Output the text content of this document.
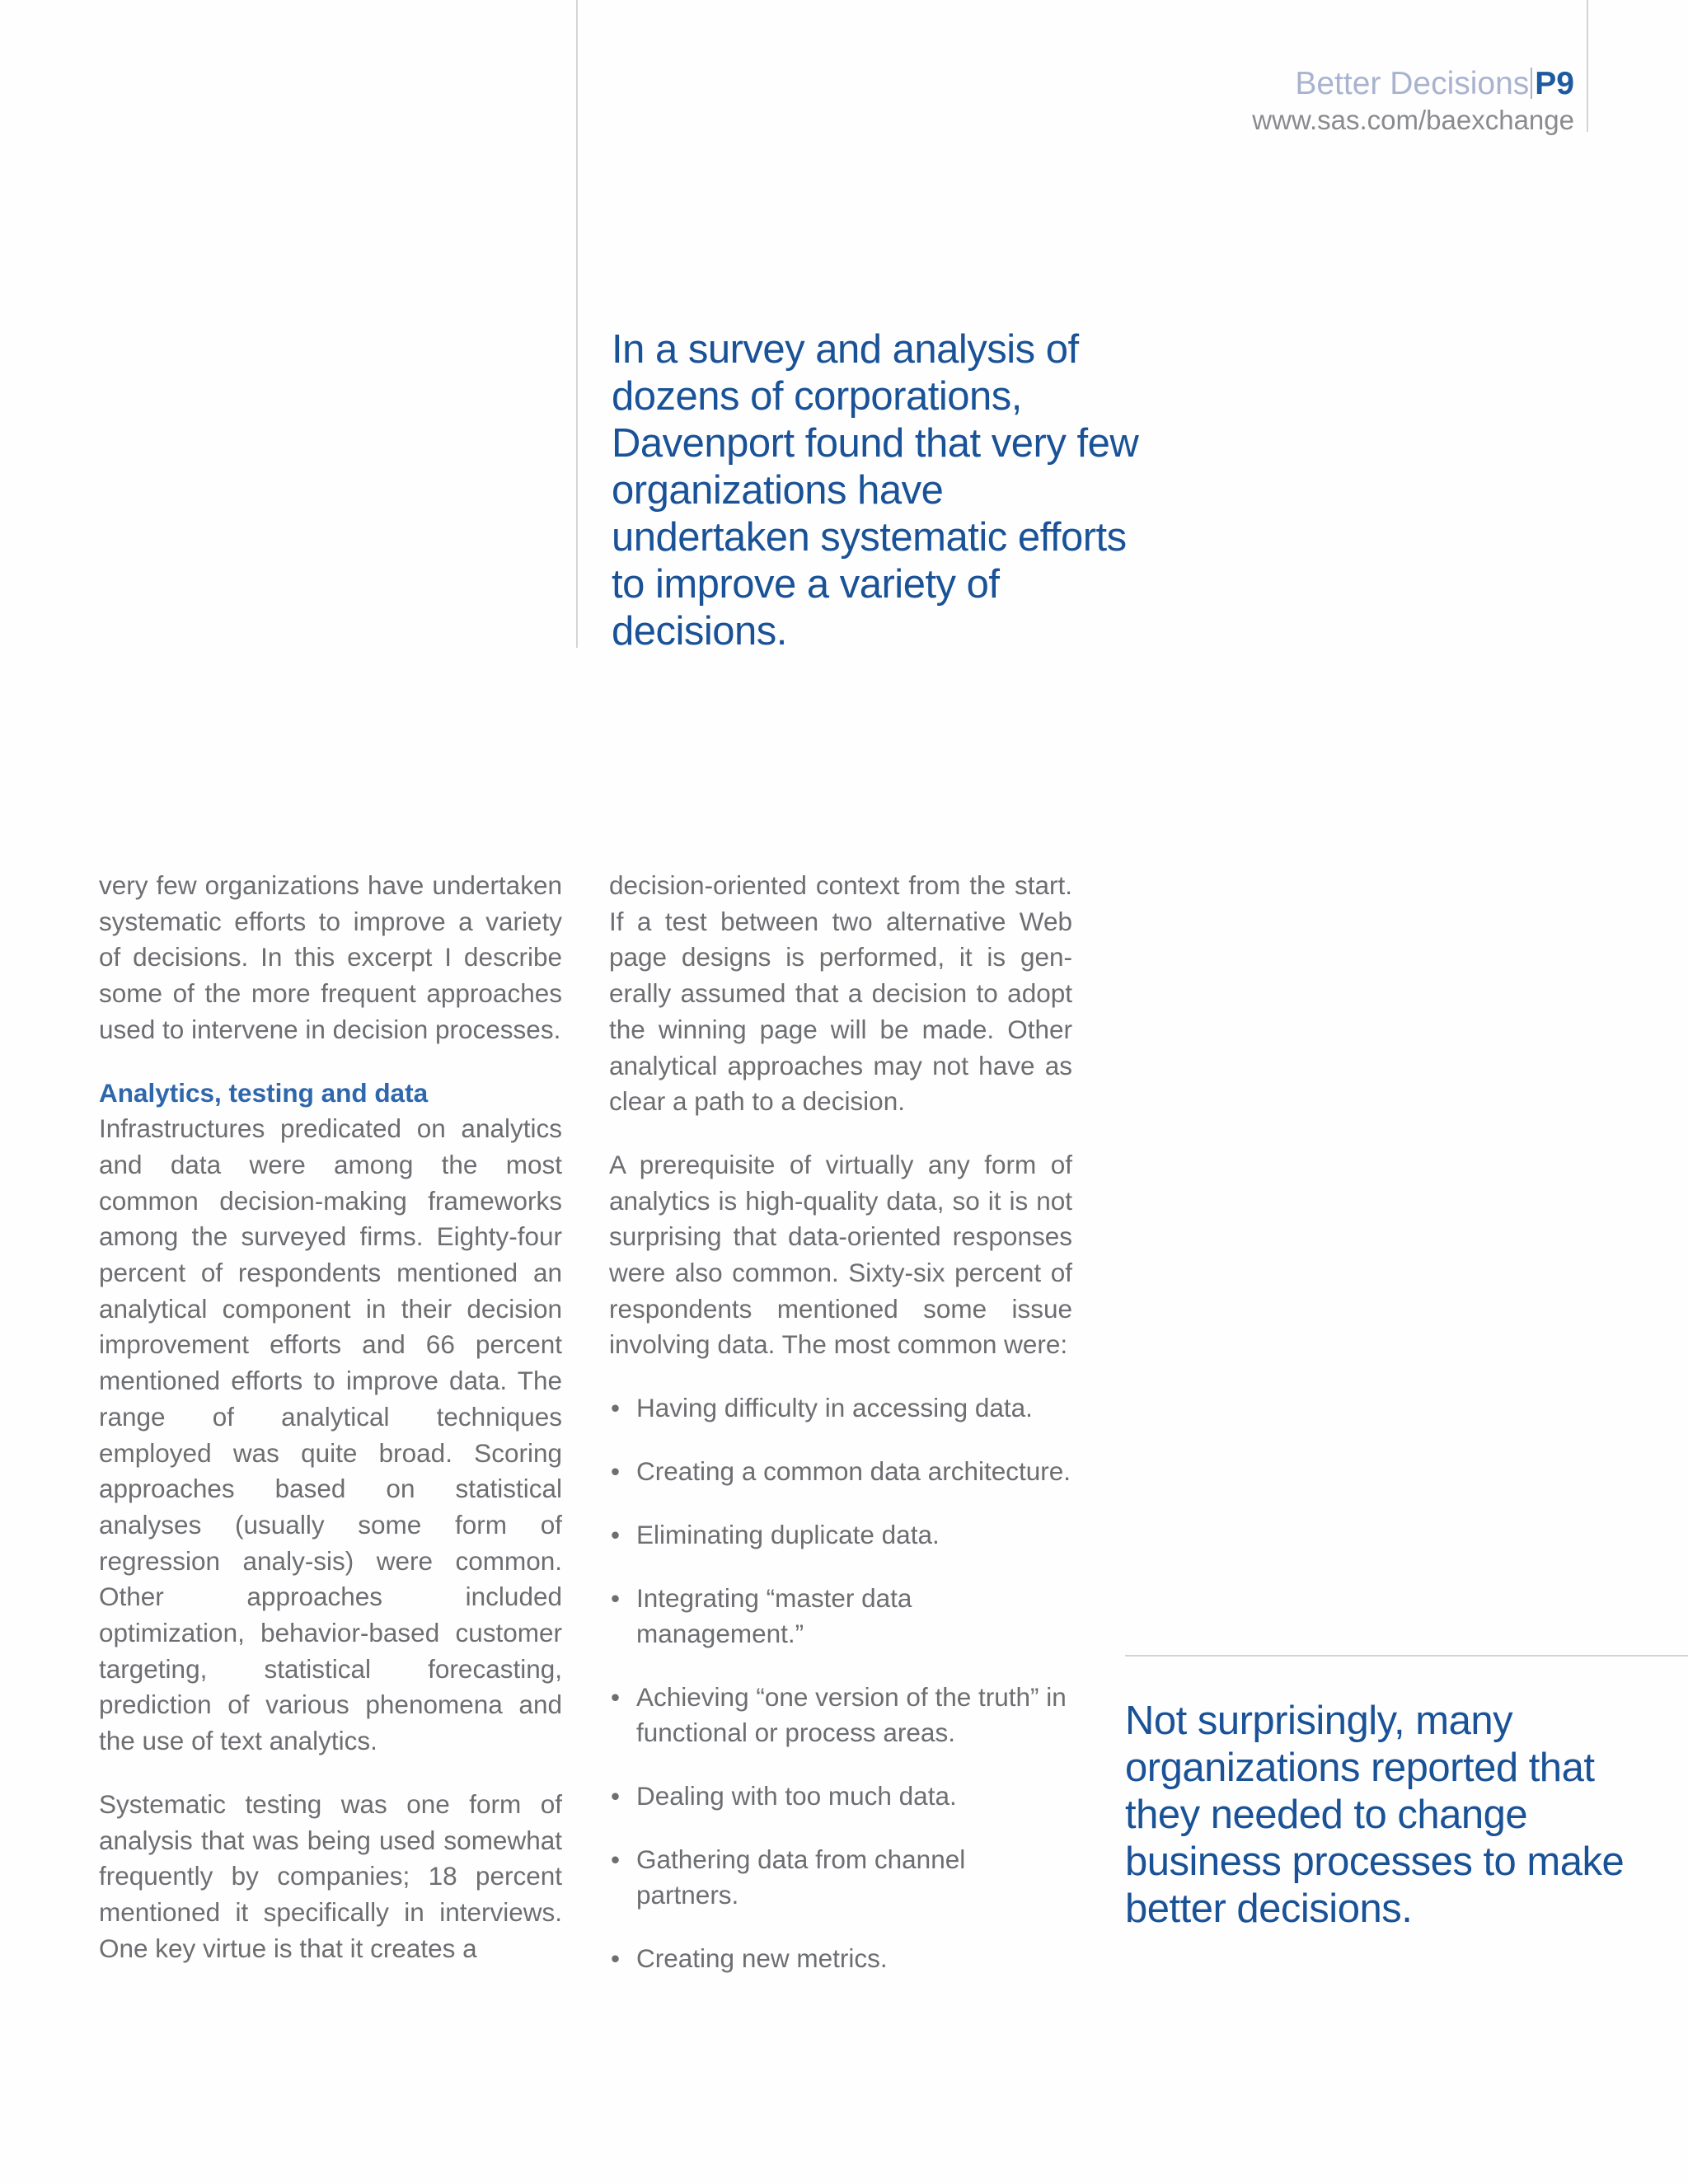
Better Decisions P9
www.sas.com/baexchange
In a survey and analysis of dozens of corporations, Davenport found that very few organizations have undertaken systematic efforts to improve a variety of decisions.

very few organizations have undertaken systematic efforts to improve a variety of decisions. In this excerpt I describe some of the more frequent approaches used to intervene in decision processes.

Analytics, testing and data

Infrastructures predicated on analytics and data were among the most common decision-making frameworks among the surveyed firms. Eighty-four percent of respondents mentioned an analytical component in their decision improvement efforts and 66 percent mentioned efforts to improve data. The range of analytical techniques employed was quite broad. Scoring approaches based on statistical analyses (usually some form of regression analy-sis) were common. Other approaches included optimization, behavior-based customer targeting, statistical forecasting, prediction of various phenomena and the use of text analytics.

Systematic testing was one form of analysis that was being used somewhat frequently by companies; 18 percent mentioned it specifically in interviews. One key virtue is that it creates a

decision-oriented context from the start. If a test between two alternative Web page designs is performed, it is gen-erally assumed that a decision to adopt the winning page will be made. Other analytical approaches may not have as clear a path to a decision.

A prerequisite of virtually any form of analytics is high-quality data, so it is not surprising that data-oriented responses were also common. Sixty-six percent of respondents mentioned some issue involving data. The most common were:

• Having difficulty in accessing data.
• Creating a common data architecture.
• Eliminating duplicate data.
• Integrating “master data management.”
• Achieving “one version of the truth” in functional or process areas.
• Dealing with too much data.
• Gathering data from channel partners.
• Creating new metrics.
Not surprisingly, many organizations reported that they needed to change business processes to make better decisions.
